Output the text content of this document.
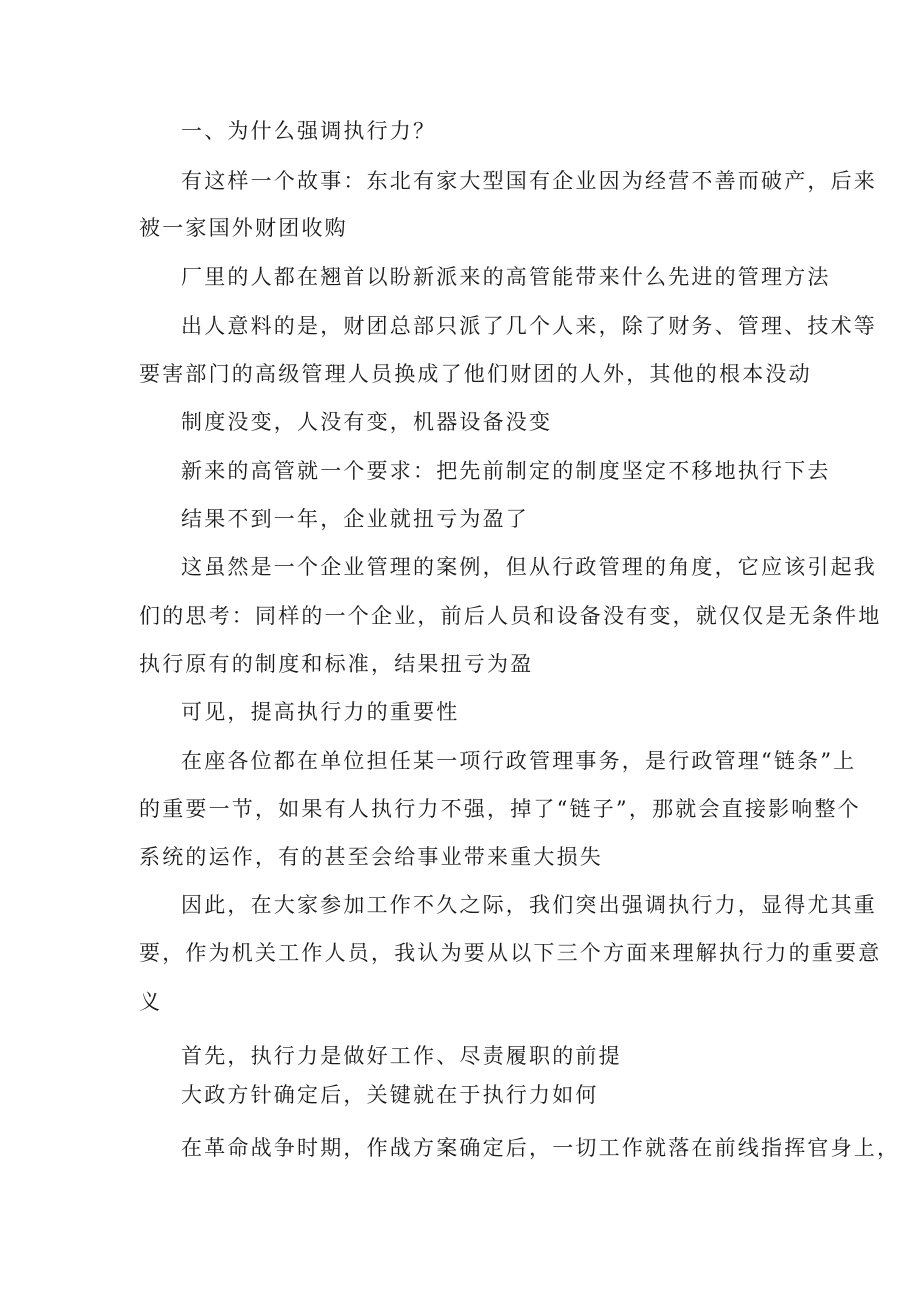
一、为什么强调执行力？
有这样一个故事：东北有家大型国有企业因为经营不善而破产，后来
被一家国外财团收购
厂里的人都在翘首以盼新派来的高管能带来什么先进的管理方法
出人意料的是，财团总部只派了几个人来，除了财务、管理、技术等
要害部门的高级管理人员换成了他们财团的人外，其他的根本没动
制度没变，人没有变，机器设备没变
新来的高管就一个要求：把先前制定的制度坚定不移地执行下去
结果不到一年，企业就扭亏为盈了
这虽然是一个企业管理的案例，但从行政管理的角度，它应该引起我
们的思考：同样的一个企业，前后人员和设备没有变，就仅仅是无条件地
执行原有的制度和标准，结果扭亏为盈
可见，提高执行力的重要性
在座各位都在单位担任某一项行政管理事务，是行政管理“链条”上
的重要一节，如果有人执行力不强，掉了“链子”，那就会直接影响整个
系统的运作，有的甚至会给事业带来重大损失
因此，在大家参加工作不久之际，我们突出强调执行力，显得尤其重
要，作为机关工作人员，我认为要从以下三个方面来理解执行力的重要意
义
首先，执行力是做好工作、尽责履职的前提
大政方针确定后，关键就在于执行力如何
在革命战争时期，作战方案确定后，一切工作就落在前线指挥官身上，
